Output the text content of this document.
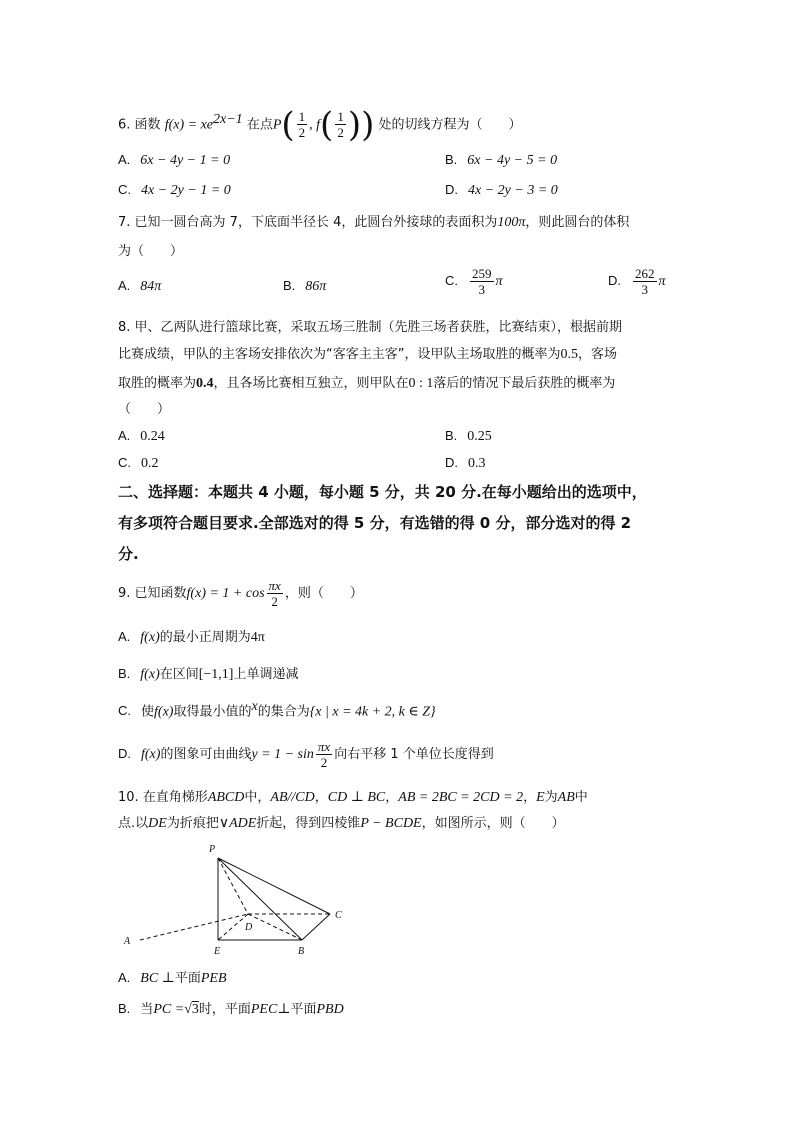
6. 函数 $f(x) = xe^{2x-1}$ 在点$P( \frac{1}{2}$ , $f( \frac{1}{2}$ )) 处的切线方程为（　　）
A. 6x − 4y − 1 = 0	B. 6x − 4y − 5 = 0
C. 4x − 2y − 1 = 0	D. 4x − 2y − 3 = 0
7. 已知一圆台高为 7，下底面半径长 4，此圆台外接球的表面积为100π，则此圆台的体积
为（　　）
A. 84π	B. 86π	C. $\frac{259}{3}$ π	D. $\frac{262}{3}$ π
8. 甲、乙两队进行篮球比赛，采取五场三胜制（先胜三场者获胜，比赛结束），根据前期
比赛成绩，甲队的主客场安排依次为“客客主主客”，设甲队主场取胜的概率为0.5，客场
取胜的概率为0.4，且各场比赛相互独立，则甲队在0 : 1落后的情况下最后获胜的概率为
（　　）
A. 0.24	B. 0.25
C. 0.2	D. 0.3
二、选择题：本题共 4 小题，每小题 5 分，共 20 分.在每小题给出的选项中，
有多项符合题目要求.全部选对的得 5 分，有选错的得 0 分，部分选对的得 2
分.
9. 已知函数$f(x) = 1 + \cos \frac{\pi x}{2}$ ，则（　　）
A. f(x)的最小正周期为4π
B. f(x)在区间[−1,1]上单调递减
C. 使f(x)取得最小值的$^x$的集合为{x | x = 4k + 2, k ∈ Z}
D. f(x)的图象可由曲线$y = 1 - \sin \frac{\pi x}{2}$ 向右平移 1 个单位长度得到
10. 在直角梯形ABCD中，AB//CD，CD ⊥ BC，AB = 2BC = 2CD = 2，E为AB中
点.以DE为折痕把∨ADE折起，得到四棱锥P − BCDE，如图所示，则（　　）
P
A
D
C
E	B
A. BC ⊥平面PEB
B. 当PC =√3时，平面PEC⊥平面PBD
